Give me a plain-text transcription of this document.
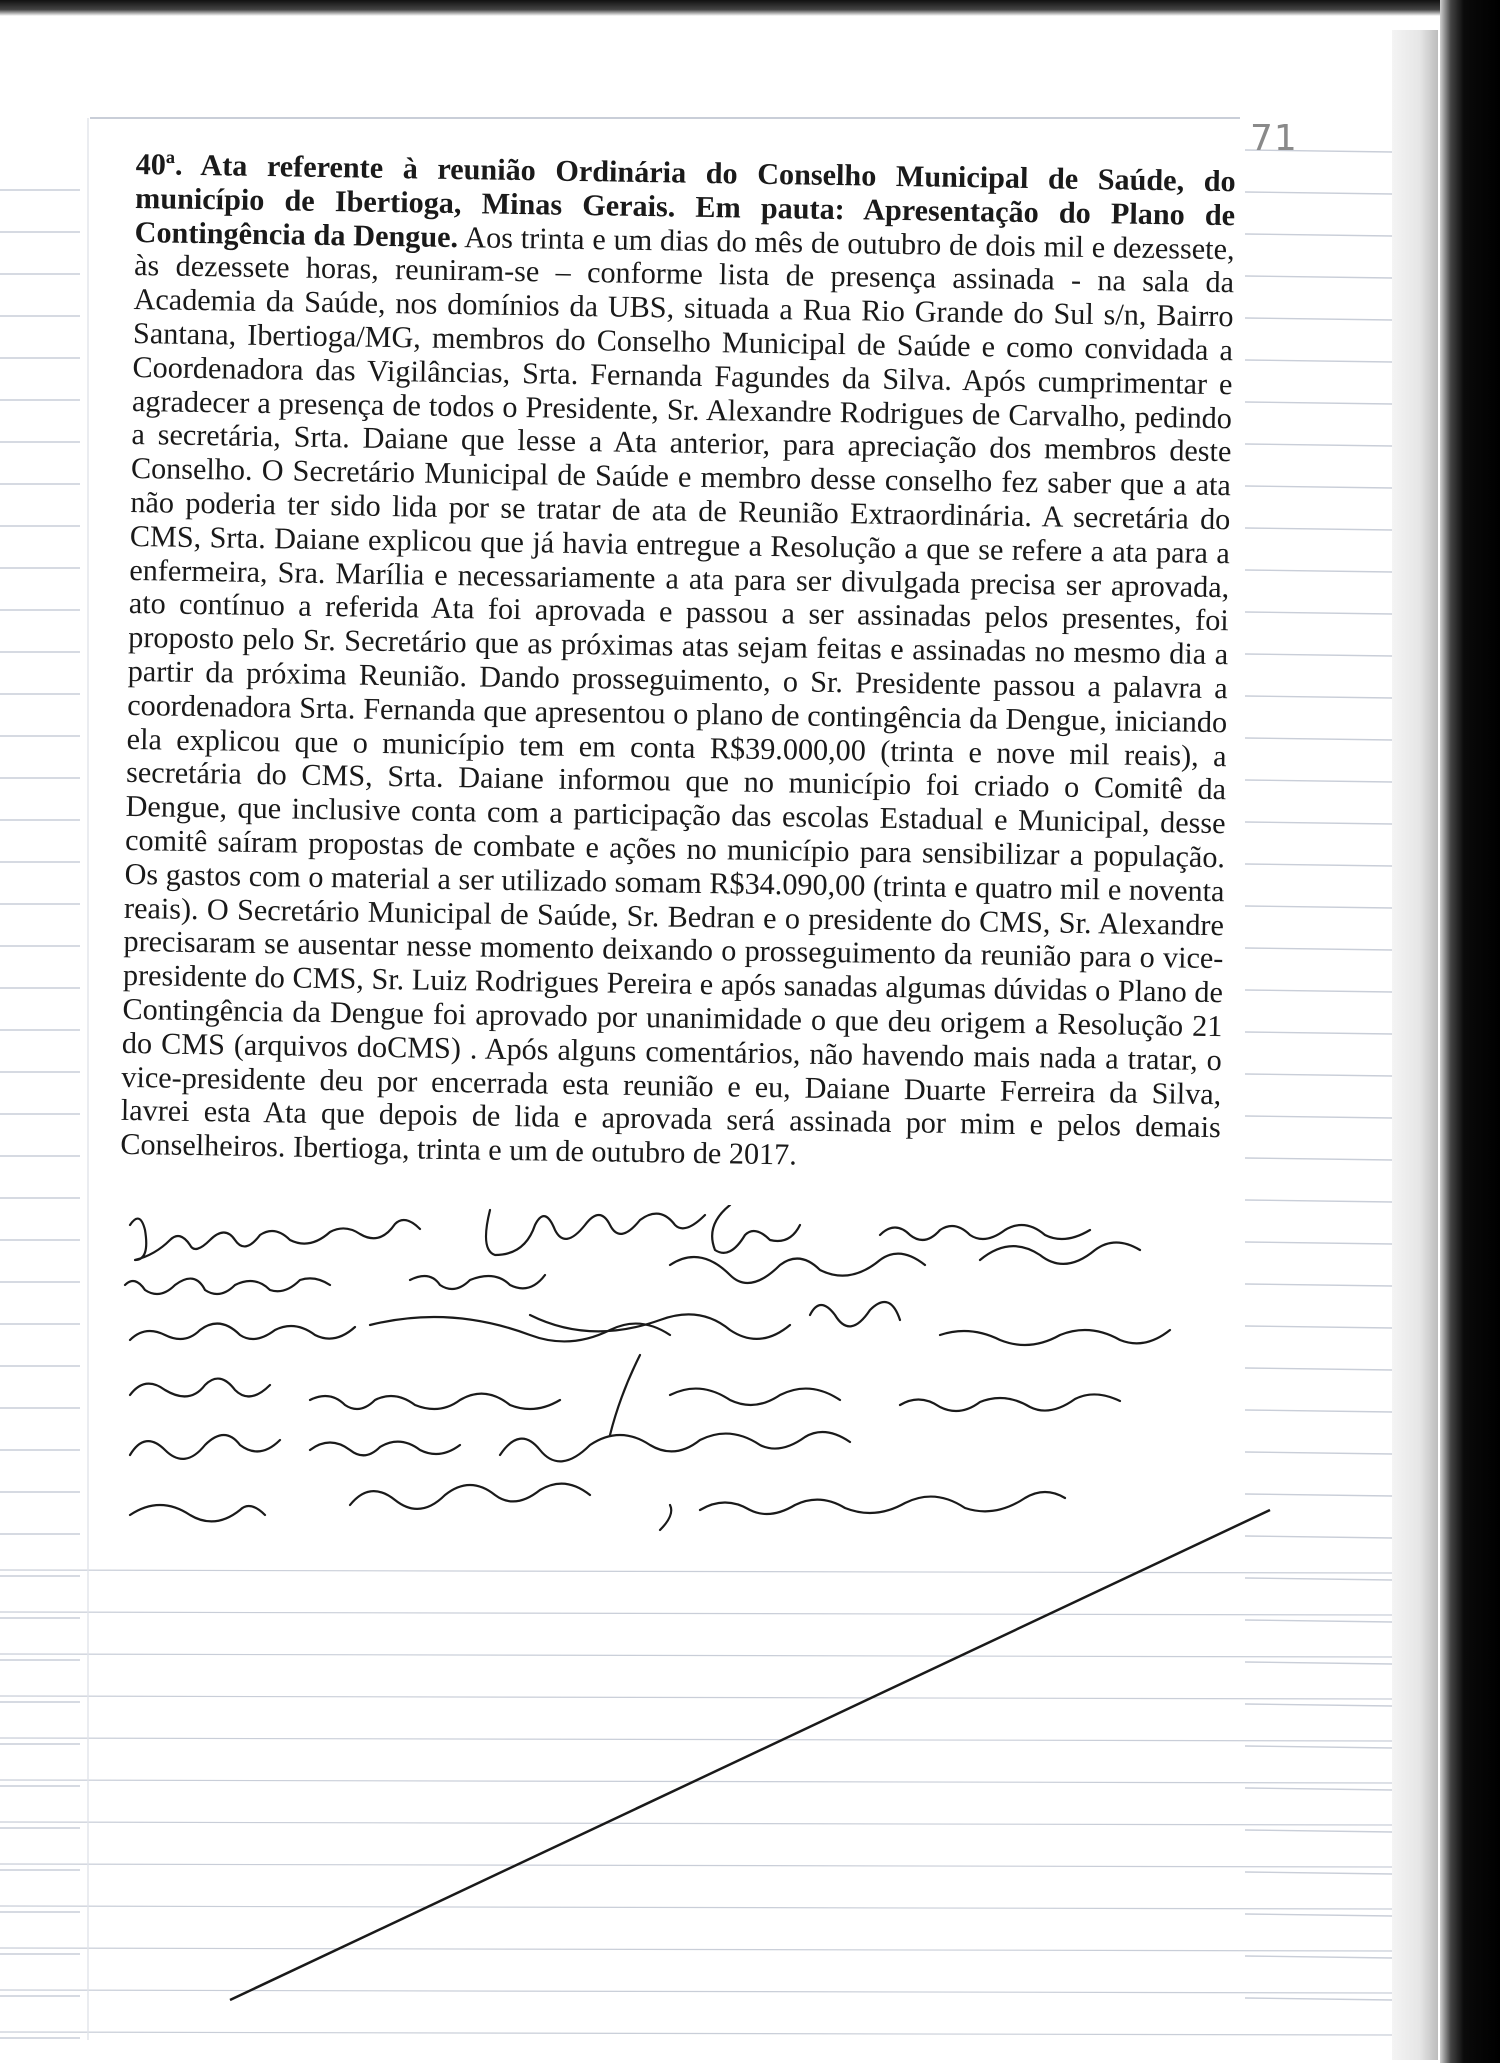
71
40ª. Ata referente à reunião Ordinária do Conselho Municipal de Saúde, do município de Ibertioga, Minas Gerais. Em pauta: Apresentação do Plano de Contingência da Dengue. Aos trinta e um dias do mês de outubro de dois mil e dezessete, às dezessete horas, reuniram-se – conforme lista de presença assinada - na sala da Academia da Saúde, nos domínios da UBS, situada a Rua Rio Grande do Sul s/n, Bairro Santana, Ibertioga/MG, membros do Conselho Municipal de Saúde e como convidada a Coordenadora das Vigilâncias, Srta. Fernanda Fagundes da Silva. Após cumprimentar e agradecer a presença de todos o Presidente, Sr. Alexandre Rodrigues de Carvalho, pedindo a secretária, Srta. Daiane que lesse a Ata anterior, para apreciação dos membros deste Conselho. O Secretário Municipal de Saúde e membro desse conselho fez saber que a ata não poderia ter sido lida por se tratar de ata de Reunião Extraordinária. A secretária do CMS, Srta. Daiane explicou que já havia entregue a Resolução a que se refere a ata para a enfermeira, Sra. Marília e necessariamente a ata para ser divulgada precisa ser aprovada, ato contínuo a referida Ata foi aprovada e passou a ser assinadas pelos presentes, foi proposto pelo Sr. Secretário que as próximas atas sejam feitas e assinadas no mesmo dia a partir da próxima Reunião. Dando prosseguimento, o Sr. Presidente passou a palavra a coordenadora Srta. Fernanda que apresentou o plano de contingência da Dengue, iniciando ela explicou que o município tem em conta R$39.000,00 (trinta e nove mil reais), a secretária do CMS, Srta. Daiane informou que no município foi criado o Comitê da Dengue, que inclusive conta com a participação das escolas Estadual e Municipal, desse comitê saíram propostas de combate e ações no município para sensibilizar a população. Os gastos com o material a ser utilizado somam R$34.090,00 (trinta e quatro mil e noventa reais). O Secretário Municipal de Saúde, Sr. Bedran e o presidente do CMS, Sr. Alexandre precisaram se ausentar nesse momento deixando o prosseguimento da reunião para o vice-presidente do CMS, Sr. Luiz Rodrigues Pereira e após sanadas algumas dúvidas o Plano de Contingência da Dengue foi aprovado por unanimidade o que deu origem a Resolução 21 do CMS (arquivos doCMS) . Após alguns comentários, não havendo mais nada a tratar, o vice-presidente deu por encerrada esta reunião e eu, Daiane Duarte Ferreira da Silva, lavrei esta Ata que depois de lida e aprovada será assinada por mim e pelos demais Conselheiros. Ibertioga, trinta e um de outubro de 2017.
